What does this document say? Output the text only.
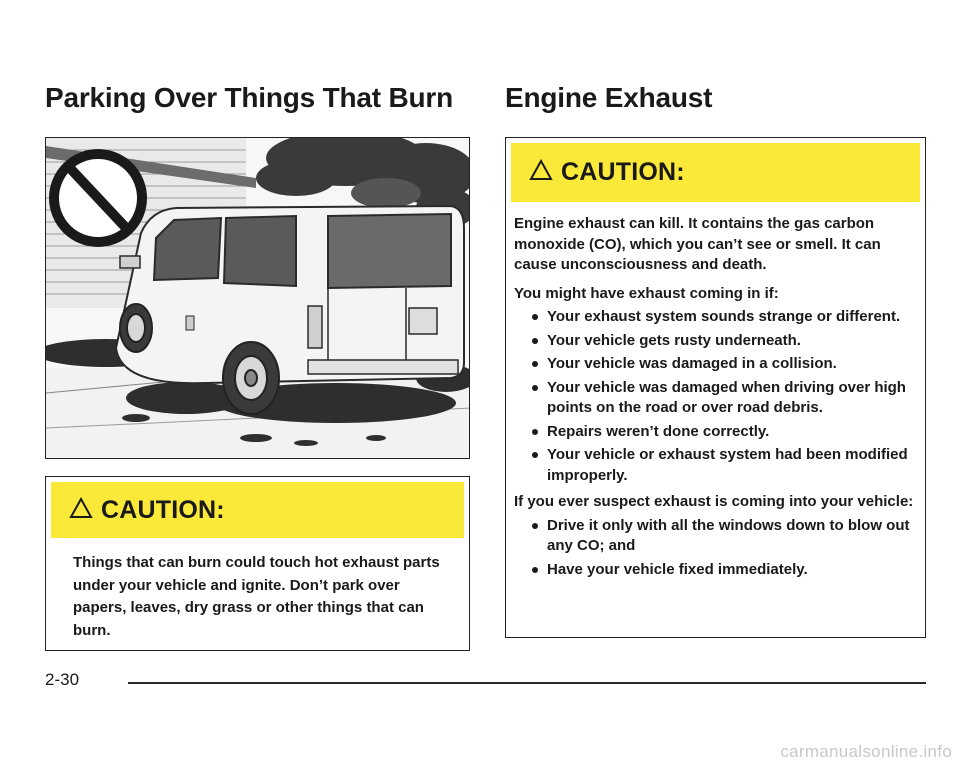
Parking Over Things That Burn Engine Exhaust
CAUTION:
Things that can burn could touch hot exhaust parts under your vehicle and ignite. Don’t park over papers, leaves, dry grass or other things that can burn.
CAUTION:

Engine exhaust can kill. It contains the gas carbon monoxide (CO), which you can’t see or smell. It can cause unconsciousness and death.

You might have exhaust coming in if:

Your exhaust system sounds strange or different.
Your vehicle gets rusty underneath.
Your vehicle was damaged in a collision.
Your vehicle was damaged when driving over high points on the road or over road debris.
Repairs weren’t done correctly.
Your vehicle or exhaust system had been modified improperly.

If you ever suspect exhaust is coming into your vehicle:

Drive it only with all the windows down to blow out any CO; and
Have your vehicle fixed immediately.
2-30
carmanualsonline.info
